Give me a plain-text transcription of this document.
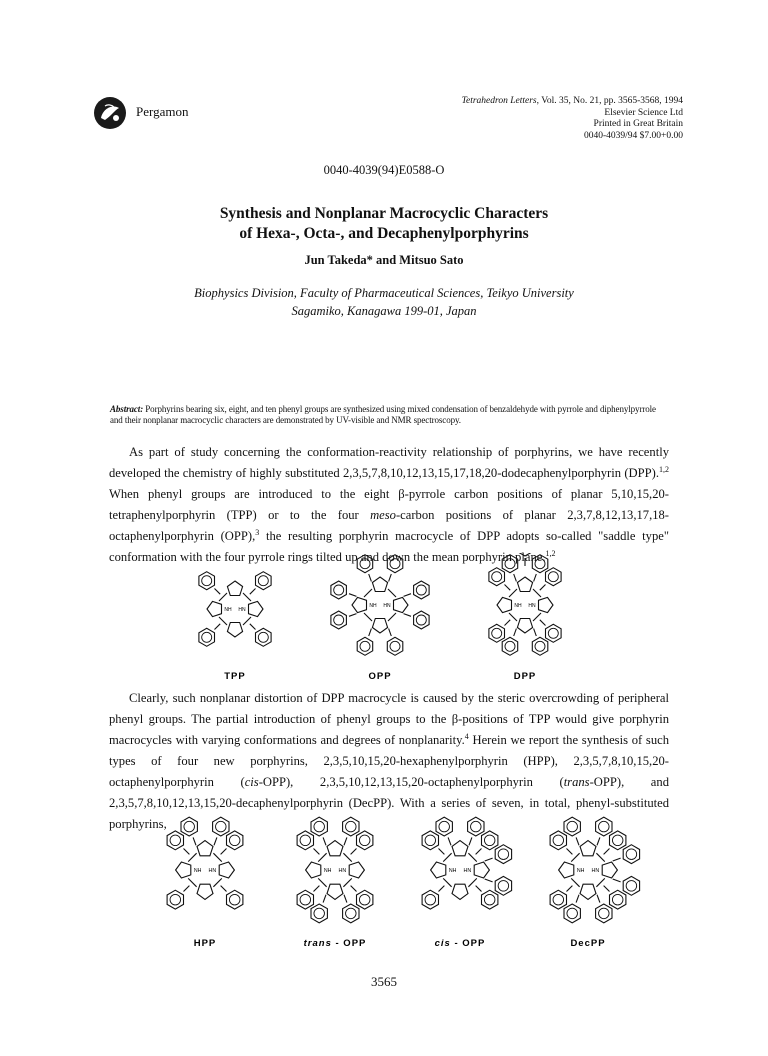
Pergamon
Tetrahedron Letters, Vol. 35, No. 21, pp. 3565-3568, 1994
Elsevier Science Ltd
Printed in Great Britain
0040-4039/94 $7.00+0.00
0040-4039(94)E0588-O
Synthesis and Nonplanar Macrocyclic Characters
of Hexa-, Octa-, and Decaphenylporphyrins
Jun Takeda* and Mitsuo Sato
Biophysics Division, Faculty of Pharmaceutical Sciences, Teikyo University
Sagamiko, Kanagawa 199-01, Japan
Abstract: Porphyrins bearing six, eight, and ten phenyl groups are synthesized using mixed condensation of benzaldehyde with pyrrole and diphenylpyrrole and their nonplanar macrocyclic characters are demonstrated by UV-visible and NMR spectroscopy.
As part of study concerning the conformation-reactivity relationship of porphyrins, we have recently developed the chemistry of highly substituted 2,3,5,7,8,10,12,13,15,17,18,20-dodecaphenylporphyrin (DPP).$^{1,2}$ When phenyl groups are introduced to the eight β-pyrrole carbon positions of planar 5,10,15,20-tetraphenylporphyrin (TPP) or to the four meso-carbon positions of planar 2,3,7,8,12,13,17,18-octaphenylporphyrin (OPP),$^3$ the resulting porphyrin macrocycle of DPP adopts so-called "saddle type" conformation with the four pyrrole rings tilted up and down the mean porphyrin plane.$^{1,2}$
NH HN
NH HN	NH HN
TPP	OPP	DPP
Clearly, such nonplanar distortion of DPP macrocycle is caused by the steric overcrowding of peripheral phenyl groups. The partial introduction of phenyl groups to the β-positions of TPP would give porphyrin macrocycles with varying conformations and degrees of nonplanarity.$^4$ Herein we report the synthesis of such types of four new porphyrins, 2,3,5,10,15,20-hexaphenylporphyrin (HPP), 2,3,5,7,8,10,15,20-octaphenylporphyrin (cis-OPP), 2,3,5,10,12,13,15,20-octaphenylporphyrin (trans-OPP), and 2,3,5,7,8,10,12,13,15,20-decaphenylporphyrin (DecPP). With a series of seven, in total, phenyl-substituted porphyrins,
NH HN	NH HN	NH HN	NH HN
HPP	trans - OPP	cis - OPP	DecPP
3565
